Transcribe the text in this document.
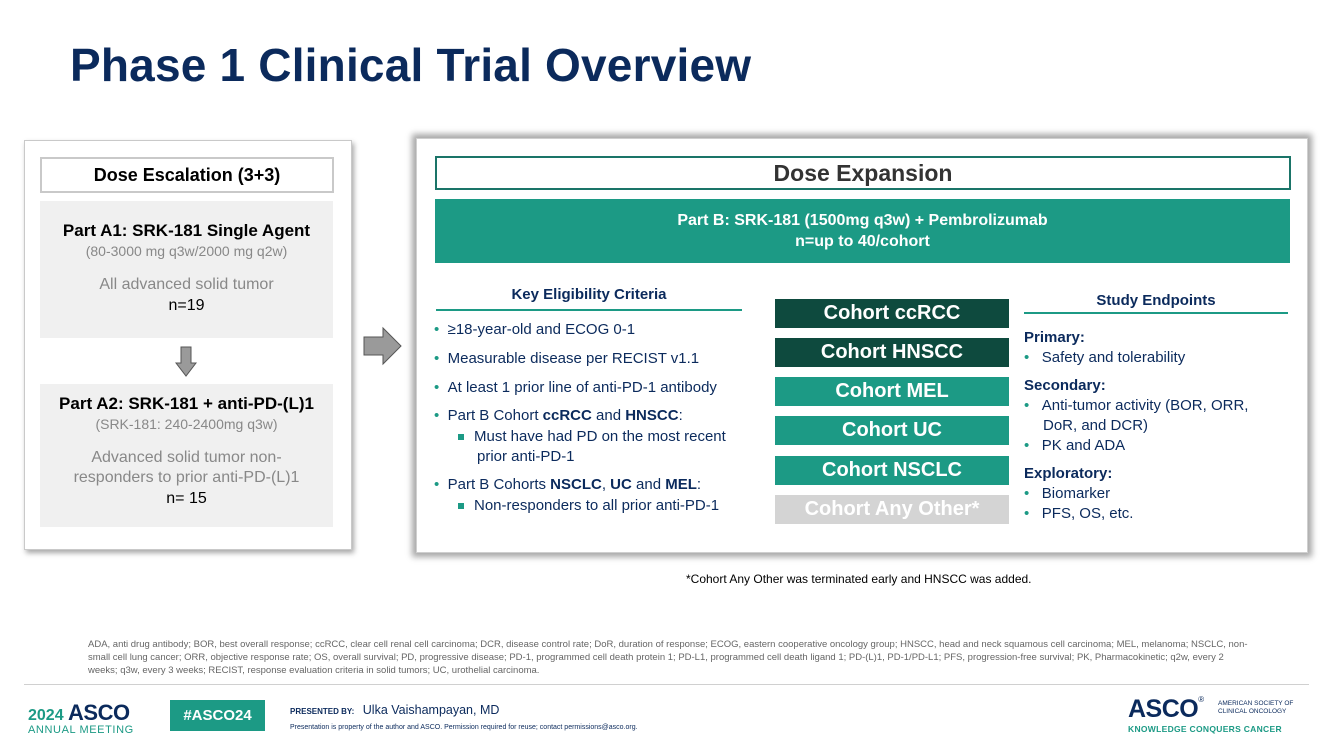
Phase 1 Clinical Trial Overview
Dose Escalation (3+3)
Part A1: SRK-181 Single Agent
(80-3000 mg q3w/2000 mg q2w)
All advanced solid tumor
n=19
Part A2: SRK-181 + anti-PD-(L)1
(SRK-181: 240-2400mg q3w)
Advanced solid tumor non-
responders to prior anti-PD-(L)1
n= 15
Dose Expansion
Part B: SRK-181 (1500mg q3w) + Pembrolizumab
n=up to 40/cohort
Key Eligibility Criteria
• ≥18-year-old and ECOG 0-1
• Measurable disease per RECIST v1.1
• At least 1 prior line of anti-PD-1 antibody
• Part B Cohort ccRCC and HNSCC:
Must have had PD on the most recent
prior anti-PD-1
• Part B Cohorts NSCLC, UC and MEL:
Non-responders to all prior anti-PD-1
Cohort ccRCC
Cohort HNSCC
Cohort MEL
Cohort UC
Cohort NSCLC
Cohort Any Other*
Study Endpoints
Primary:
• Safety and tolerability
Secondary:
• Anti-tumor activity (BOR, ORR,
DoR, and DCR)
• PK and ADA
Exploratory:
• Biomarker
• PFS, OS, etc.
*Cohort Any Other was terminated early and HNSCC was added.
ADA, anti drug antibody; BOR, best overall response; ccRCC, clear cell renal cell carcinoma; DCR, disease control rate; DoR, duration of response; ECOG, eastern cooperative oncology group; HNSCC, head and neck squamous cell carcinoma; MEL, melanoma; NSCLC, non-small cell lung cancer; ORR, objective response rate; OS, overall survival; PD, progressive disease; PD-1, programmed cell death protein 1; PD-L1, programmed cell death ligand 1; PD-(L)1, PD-1/PD-L1; PFS, progression-free survival; PK, Pharmacokinetic; q2w, every 2 weeks; q3w, every 3 weeks; RECIST, response evaluation criteria in solid tumors; UC, urothelial carcinoma.
2024 ASCO
ANNUAL MEETING
#ASCO24	PRESENTED BY: Ulka Vaishampayan, MD
Presentation is property of the author and ASCO. Permission required for reuse; contact permissions@asco.org.
ASCO® AMERICAN SOCIETY OF
CLINICAL ONCOLOGY
KNOWLEDGE CONQUERS CANCER
